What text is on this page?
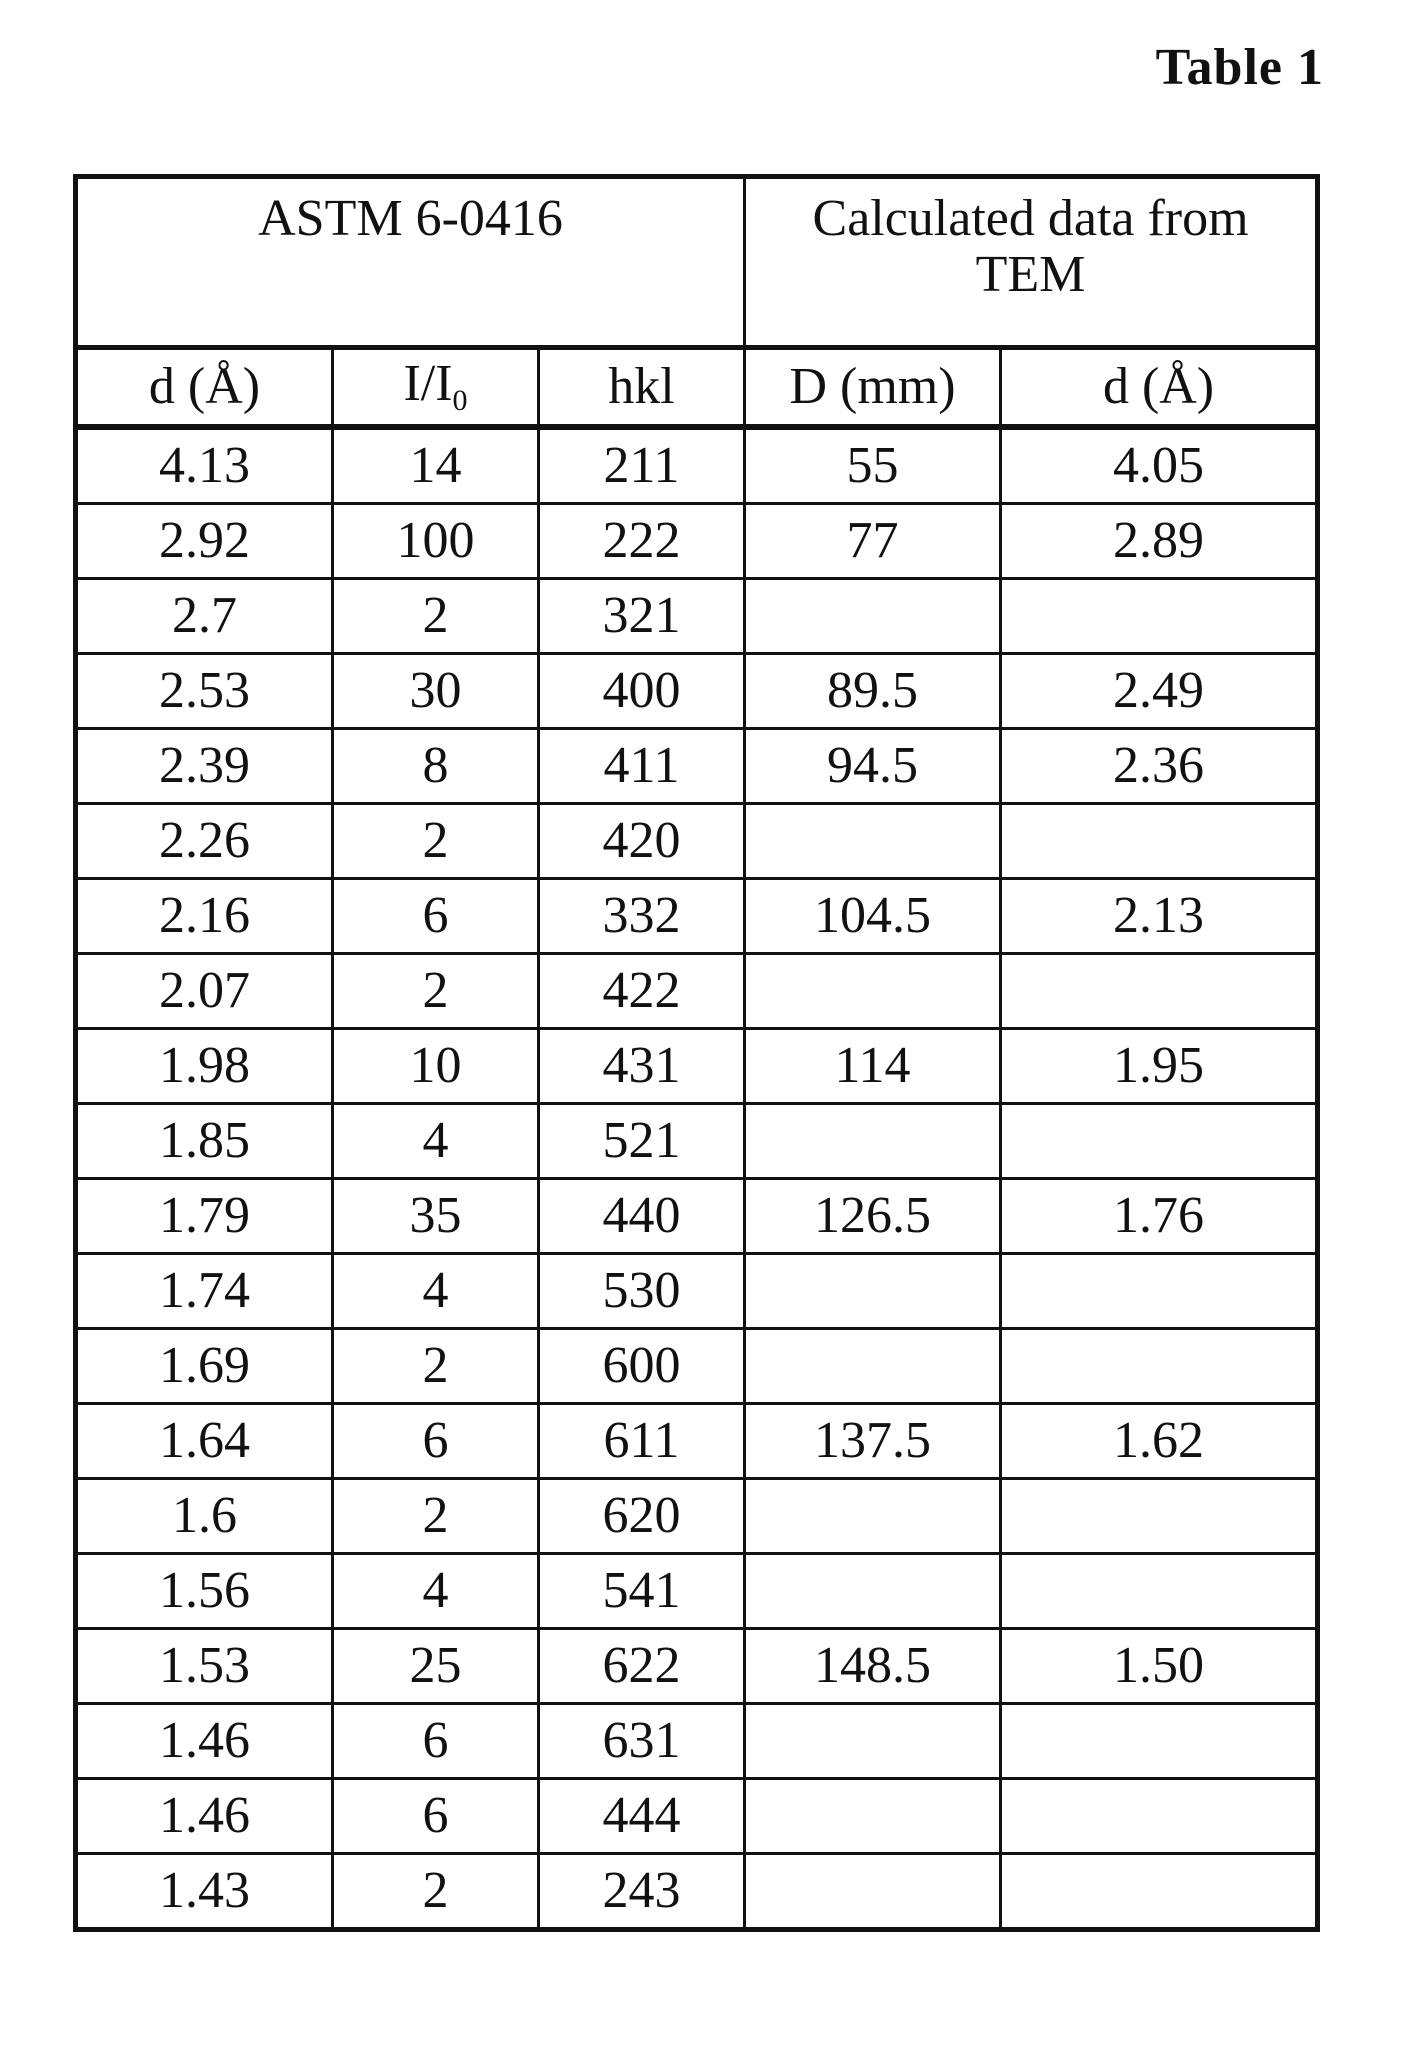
Table 1
ASTM 6-0416			Calculated data from
TEM	
d (Å)	I/I0	hkl	D (mm)	d (Å)
4.13	14	211	55	4.05
2.92	100	222	77	2.89
2.7	2	321		
2.53	30	400	89.5	2.49
2.39	8	411	94.5	2.36
2.26	2	420		
2.16	6	332	104.5	2.13
2.07	2	422		
1.98	10	431	114	1.95
1.85	4	521		
1.79	35	440	126.5	1.76
1.74	4	530		
1.69	2	600		
1.64	6	611	137.5	1.62
1.6	2	620		
1.56	4	541		
1.53	25	622	148.5	1.50
1.46	6	631		
1.46	6	444		
1.43	2	243		
